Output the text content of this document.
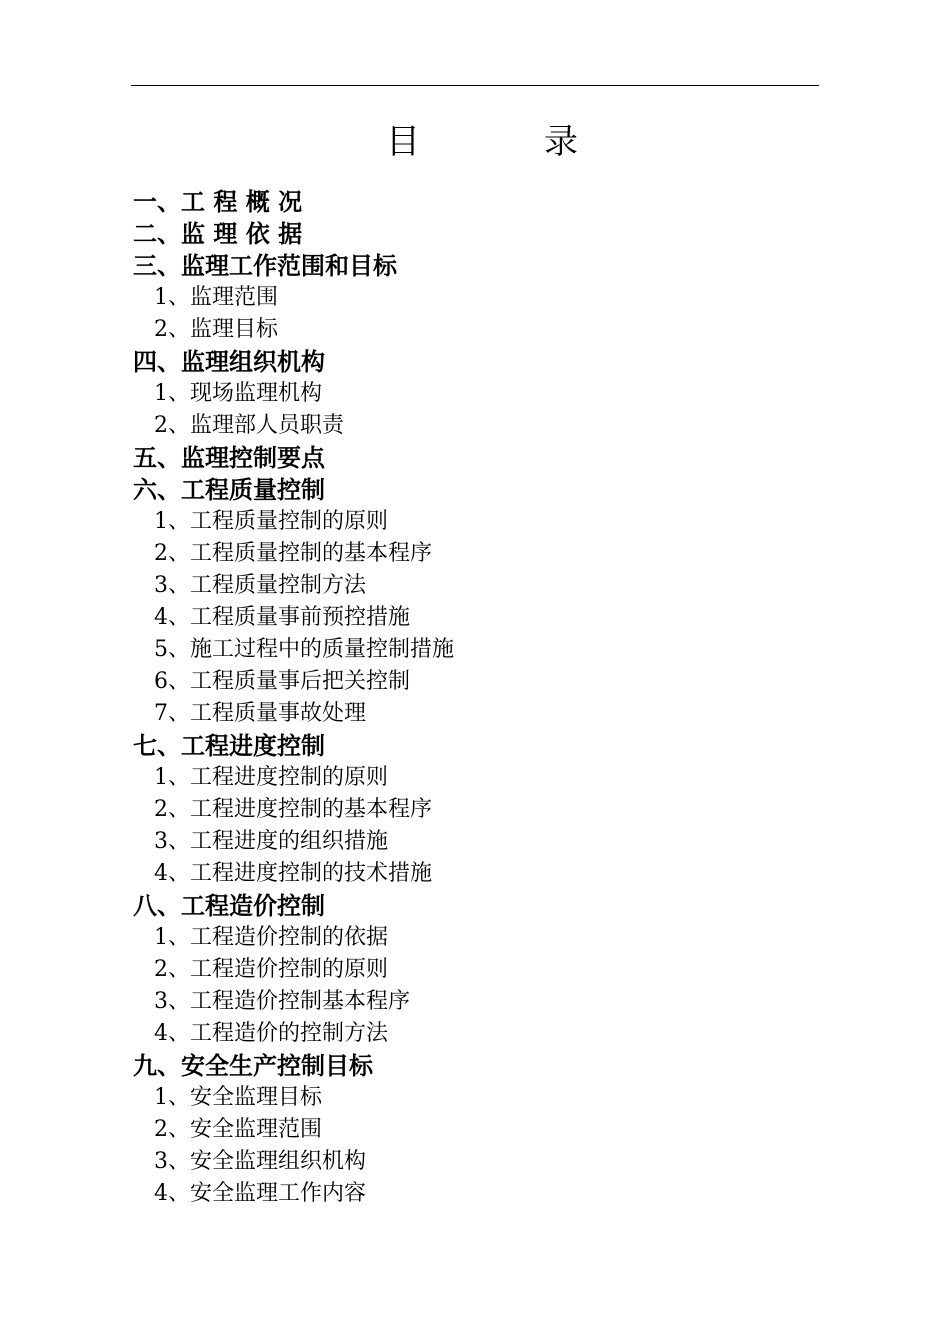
目	录
一、工 程 概 况
二、监 理 依 据
三、监理工作范围和目标
1、监理范围
2、监理目标
四、监理组织机构
1、现场监理机构
2、监理部人员职责
五、监理控制要点
六、工程质量控制
1、工程质量控制的原则
2、工程质量控制的基本程序
3、工程质量控制方法
4、工程质量事前预控措施
5、施工过程中的质量控制措施
6、工程质量事后把关控制
7、工程质量事故处理
七、工程进度控制
1、工程进度控制的原则
2、工程进度控制的基本程序
3、工程进度的组织措施
4、工程进度控制的技术措施
八、工程造价控制
1、工程造价控制的依据
2、工程造价控制的原则
3、工程造价控制基本程序
4、工程造价的控制方法
九、安全生产控制目标
1、安全监理目标
2、安全监理范围
3、安全监理组织机构
4、安全监理工作内容
